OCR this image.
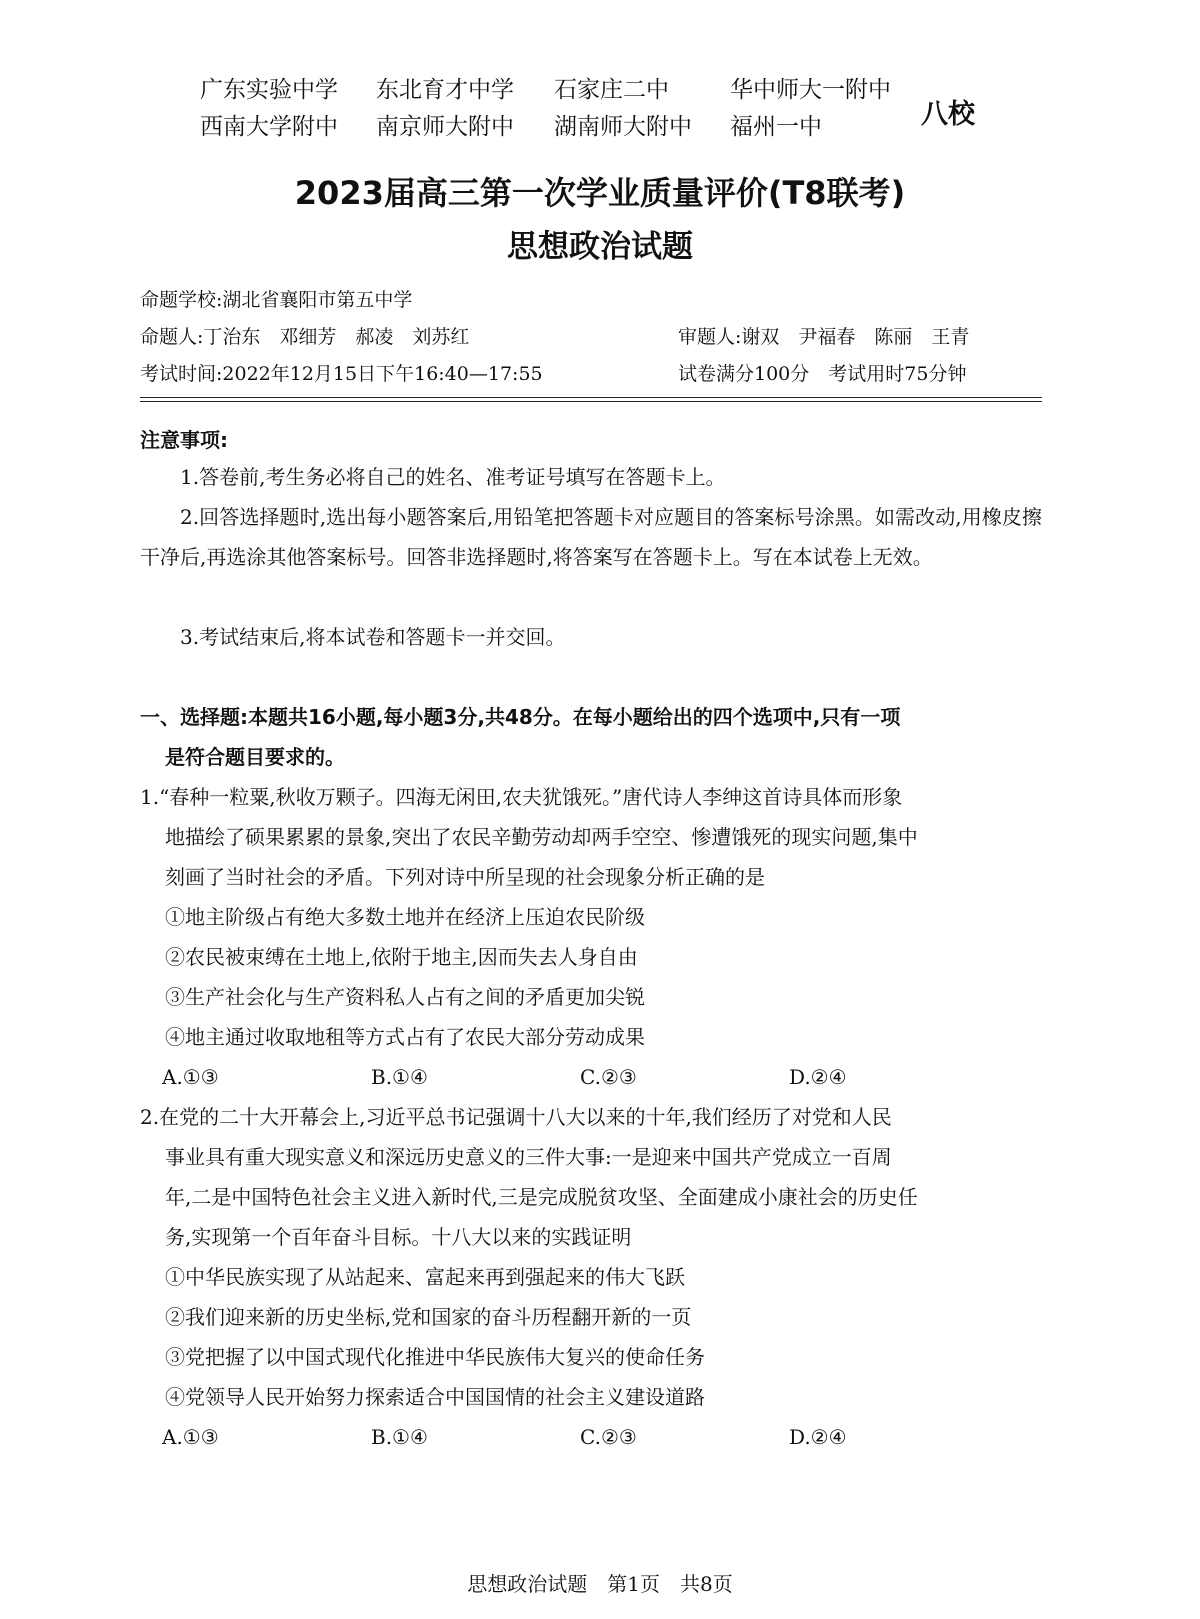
广东实验中学	东北育才中学	石家庄二中	华中师大一附中
西南大学附中	南京师大附中	湖南师大附中	福州一中	八校
2023届高三第一次学业质量评价(T8联考)
思想政治试题
命题学校:湖北省襄阳市第五中学
命题人:丁治东　邓细芳　郝凌　刘苏红	审题人:谢双　尹福春　陈丽　王青
考试时间:2022年12月15日下午16:40—17:55	试卷满分100分　考试用时75分钟
注意事项:
1.答卷前,考生务必将自己的姓名、准考证号填写在答题卡上。
2.回答选择题时,选出每小题答案后,用铅笔把答题卡对应题目的答案标号涂黑。如需改动,用橡皮擦干净后,再选涂其他答案标号。回答非选择题时,将答案写在答题卡上。写在本试卷上无效。
3.考试结束后,将本试卷和答题卡一并交回。
一、选择题:本题共16小题,每小题3分,共48分。在每小题给出的四个选项中,只有一项
是符合题目要求的。
1.“春种一粒粟,秋收万颗子。四海无闲田,农夫犹饿死。”唐代诗人李绅这首诗具体而形象
地描绘了硕果累累的景象,突出了农民辛勤劳动却两手空空、惨遭饿死的现实问题,集中
刻画了当时社会的矛盾。下列对诗中所呈现的社会现象分析正确的是
①地主阶级占有绝大多数土地并在经济上压迫农民阶级
②农民被束缚在土地上,依附于地主,因而失去人身自由
③生产社会化与生产资料私人占有之间的矛盾更加尖锐
④地主通过收取地租等方式占有了农民大部分劳动成果
A.①③	B.①④	C.②③	D.②④
2.在党的二十大开幕会上,习近平总书记强调十八大以来的十年,我们经历了对党和人民
事业具有重大现实意义和深远历史意义的三件大事:一是迎来中国共产党成立一百周
年,二是中国特色社会主义进入新时代,三是完成脱贫攻坚、全面建成小康社会的历史任
务,实现第一个百年奋斗目标。十八大以来的实践证明
①中华民族实现了从站起来、富起来再到强起来的伟大飞跃
②我们迎来新的历史坐标,党和国家的奋斗历程翻开新的一页
③党把握了以中国式现代化推进中华民族伟大复兴的使命任务
④党领导人民开始努力探索适合中国国情的社会主义建设道路
A.①③	B.①④	C.②③	D.②④
思想政治试题　第1页　共8页
